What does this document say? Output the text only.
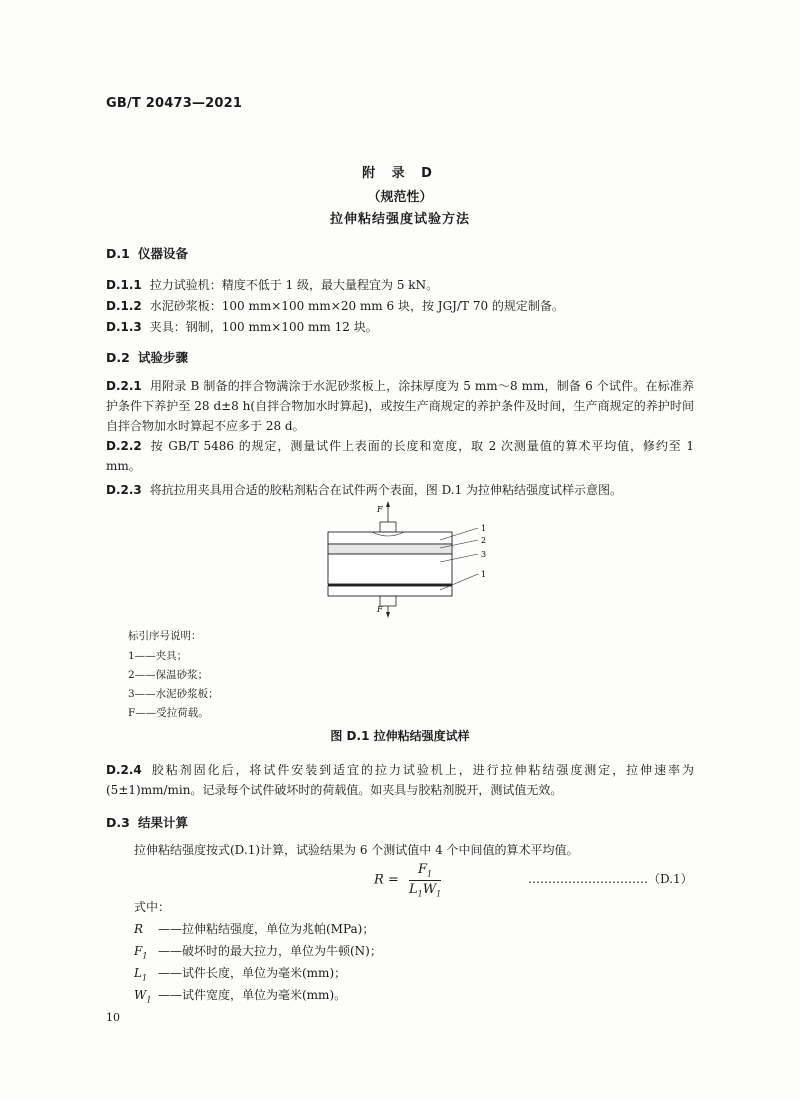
GB/T 20473—2021
附 录 D
（规范性）
拉伸粘结强度试验方法
D.1 仪器设备
D.1.1 拉力试验机：精度不低于 1 级，最大量程宜为 5 kN。
D.1.2 水泥砂浆板：100 mm×100 mm×20 mm 6 块，按 JGJ/T 70 的规定制备。
D.1.3 夹具：钢制，100 mm×100 mm 12 块。
D.2 试验步骤
D.2.1 用附录 B 制备的拌合物满涂于水泥砂浆板上，涂抹厚度为 5 mm～8 mm，制备 6 个试件。在标准养护条件下养护至 28 d±8 h(自拌合物加水时算起)，或按生产商规定的养护条件及时间，生产商规定的养护时间自拌合物加水时算起不应多于 28 d。
D.2.2 按 GB/T 5486 的规定，测量试件上表面的长度和宽度，取 2 次测量值的算术平均值，修约至 1 mm。
D.2.3 将抗拉用夹具用合适的胶粘剂粘合在试件两个表面，图 D.1 为拉伸粘结强度试样示意图。
F
F
1
2
3
1
标引序号说明：
1——夹具；
2——保温砂浆；
3——水泥砂浆板；
F——受拉荷载。
图 D.1 拉伸粘结强度试样
D.2.4 胶粘剂固化后，将试件安装到适宜的拉力试验机上，进行拉伸粘结强度测定，拉伸速率为 (5±1)mm/min。记录每个试件破坏时的荷载值。如夹具与胶粘剂脱开，测试值无效。
D.3 结果计算
拉伸粘结强度按式(D.1)计算，试验结果为 6 个测试值中 4 个中间值的算术平均值。
$R = \frac{F_1}{L_1W_1}$	…………………………（D.1）
式中：
R ——拉伸粘结强度，单位为兆帕(MPa)；
$F_1$ ——破坏时的最大拉力，单位为牛顿(N)；
$L_1$ ——试件长度，单位为毫米(mm)；
$W_1$ ——试件宽度，单位为毫米(mm)。
10
